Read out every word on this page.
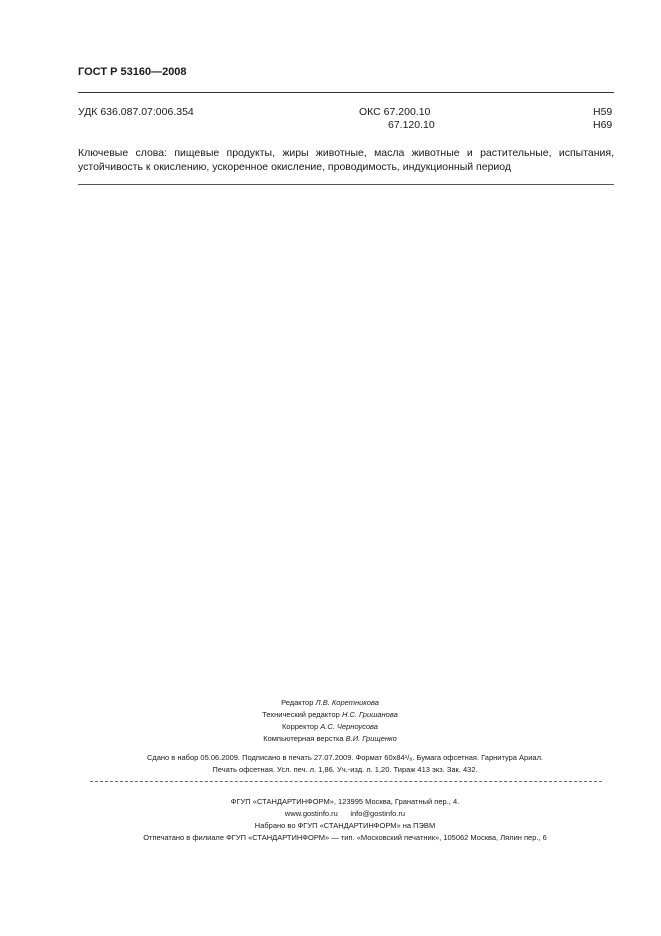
ГОСТ Р 53160—2008
УДК 636.087.07:006.354	ОКС 67.200.10
67.120.10
Н59
Н69
Ключевые слова: пищевые продукты, жиры животные, масла животные и растительные, испытания, устойчивость к окислению, ускоренное окисление, проводимость, индукционный период
Редактор Л.В. Коретникова
Технический редактор Н.С. Гришанова
Корректор А.С. Черноусова
Компьютерная верстка В.И. Грищенко
Сдано в набор 05.06.2009. Подписано в печать 27.07.2009. Формат 60х84¹/₈. Бумага офсетная. Гарнитура Ариал.
Печать офсетная. Усл. печ. л. 1,86. Уч.-изд. л. 1,20. Тираж 413 экз. Зак. 432.
ФГУП «СТАНДАРТИНФОРМ», 123995 Москва, Гранатный пер., 4.
www.gostinfo.ru      info@gostinfo.ru
Набрано во ФГУП «СТАНДАРТИНФОРМ» на ПЭВМ
Отпечатано в филиале ФГУП «СТАНДАРТИНФОРМ» — тип. «Московский печатник», 105062 Москва, Лялин пер., 6
